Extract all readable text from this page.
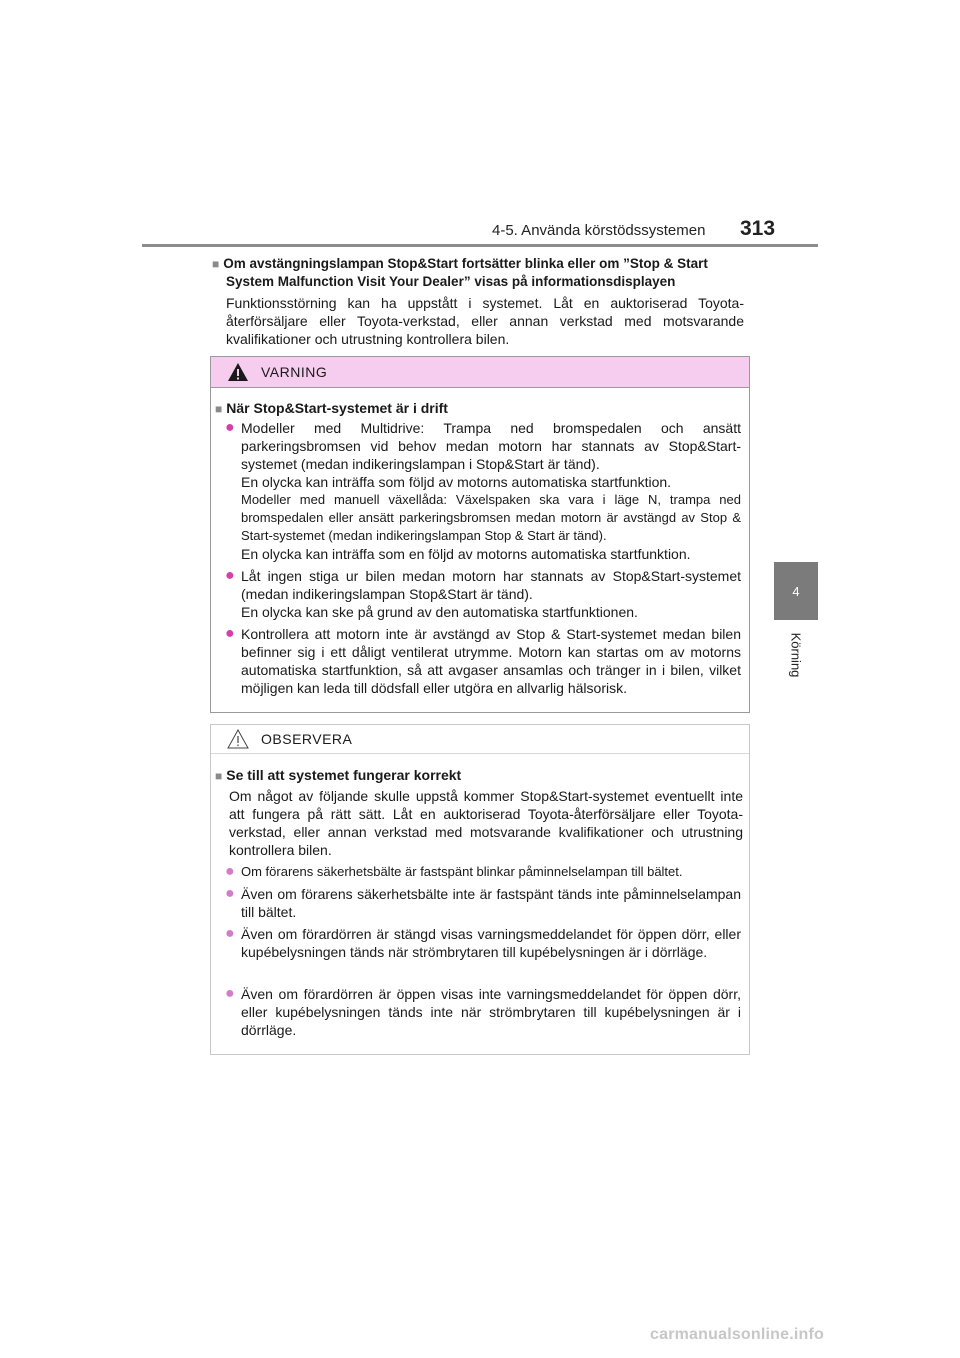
4-5. Använda körstödssystemen 313
4
Körning
■ Om avstängningslampan Stop&Start fortsätter blinka eller om ”Stop & Start
System Malfunction Visit Your Dealer” visas på informationsdisplayen
Funktionsstörning kan ha uppstått i systemet. Låt en auktoriserad Toyota-återförsäljare eller Toyota-verkstad, eller annan verkstad med motsvarande kvalifikationer och utrustning kontrollera bilen.
VARNING
■ När Stop&Start-systemet är i drift
● Modeller med Multidrive: Trampa ned bromspedalen och ansätt parkeringsbromsen vid behov medan motorn har stannats av Stop&Start-systemet (medan indikeringslampan i Stop&Start är tänd).
En olycka kan inträffa som följd av motorns automatiska startfunktion.
Modeller med manuell växellåda: Växelspaken ska vara i läge N, trampa ned bromspedalen eller ansätt parkeringsbromsen medan motorn är avstängd av Stop & Start-systemet (medan indikeringslampan Stop & Start är tänd).
En olycka kan inträffa som en följd av motorns automatiska startfunktion.
● Låt ingen stiga ur bilen medan motorn har stannats av Stop&Start-systemet (medan indikeringslampan Stop&Start är tänd).
En olycka kan ske på grund av den automatiska startfunktionen.
● Kontrollera att motorn inte är avstängd av Stop & Start-systemet medan bilen befinner sig i ett dåligt ventilerat utrymme. Motorn kan startas om av motorns automatiska startfunktion, så att avgaser ansamlas och tränger in i bilen, vilket möjligen kan leda till dödsfall eller utgöra en allvarlig hälsorisk.
OBSERVERA
■ Se till att systemet fungerar korrekt
Om något av följande skulle uppstå kommer Stop&Start-systemet eventuellt inte att fungera på rätt sätt. Låt en auktoriserad Toyota-återförsäljare eller Toyota-verkstad, eller annan verkstad med motsvarande kvalifikationer och utrustning kontrollera bilen.
● Om förarens säkerhetsbälte är fastspänt blinkar påminnelselampan till bältet.
● Även om förarens säkerhetsbälte inte är fastspänt tänds inte påminnelselampan till bältet.
● Även om förardörren är stängd visas varningsmeddelandet för öppen dörr, eller kupébelysningen tänds när strömbrytaren till kupébelysningen är i dörrläge.
● Även om förardörren är öppen visas inte varningsmeddelandet för öppen dörr, eller kupébelysningen tänds inte när strömbrytaren till kupébelysningen är i dörrläge.
carmanualsonline.info
